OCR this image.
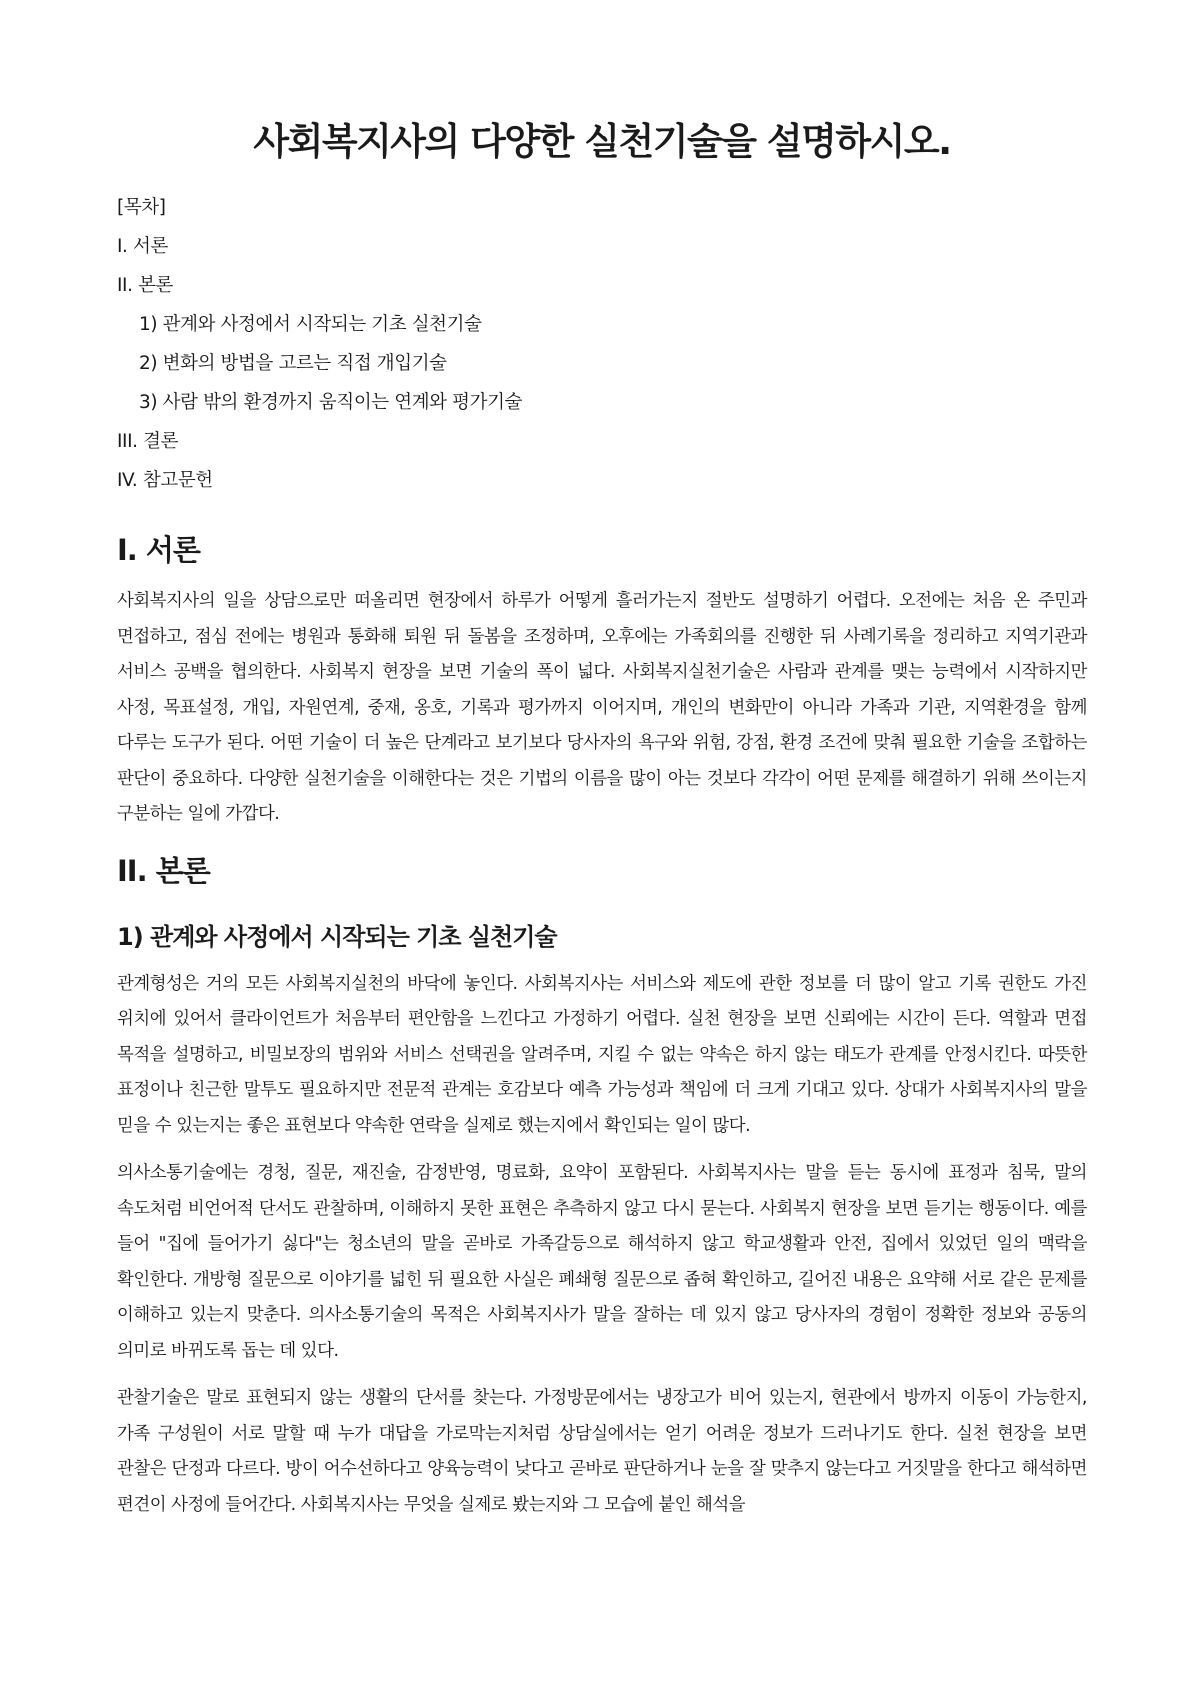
사회복지사의 다양한 실천기술을 설명하시오.
[목차]
I. 서론
II. 본론
1) 관계와 사정에서 시작되는 기초 실천기술
2) 변화의 방법을 고르는 직접 개입기술
3) 사람 밖의 환경까지 움직이는 연계와 평가기술
III. 결론
IV. 참고문헌
I. 서론

사회복지사의 일을 상담으로만 떠올리면 현장에서 하루가 어떻게 흘러가는지 절반도 설명하기 어렵다. 오전에는 처음 온 주민과 면접하고, 점심 전에는 병원과 통화해 퇴원 뒤 돌봄을 조정하며, 오후에는 가족회의를 진행한 뒤 사례기록을 정리하고 지역기관과 서비스 공백을 협의한다. 사회복지 현장을 보면 기술의 폭이 넓다. 사회복지실천기술은 사람과 관계를 맺는 능력에서 시작하지만 사정, 목표설정, 개입, 자원연계, 중재, 옹호, 기록과 평가까지 이어지며, 개인의 변화만이 아니라 가족과 기관, 지역환경을 함께 다루는 도구가 된다. 어떤 기술이 더 높은 단계라고 보기보다 당사자의 욕구와 위험, 강점, 환경 조건에 맞춰 필요한 기술을 조합하는 판단이 중요하다. 다양한 실천기술을 이해한다는 것은 기법의 이름을 많이 아는 것보다 각각이 어떤 문제를 해결하기 위해 쓰이는지 구분하는 일에 가깝다.

II. 본론
1) 관계와 사정에서 시작되는 기초 실천기술

관계형성은 거의 모든 사회복지실천의 바닥에 놓인다. 사회복지사는 서비스와 제도에 관한 정보를 더 많이 알고 기록 권한도 가진 위치에 있어서 클라이언트가 처음부터 편안함을 느낀다고 가정하기 어렵다. 실천 현장을 보면 신뢰에는 시간이 든다. 역할과 면접 목적을 설명하고, 비밀보장의 범위와 서비스 선택권을 알려주며, 지킬 수 없는 약속은 하지 않는 태도가 관계를 안정시킨다. 따뜻한 표정이나 친근한 말투도 필요하지만 전문적 관계는 호감보다 예측 가능성과 책임에 더 크게 기대고 있다. 상대가 사회복지사의 말을 믿을 수 있는지는 좋은 표현보다 약속한 연락을 실제로 했는지에서 확인되는 일이 많다.

의사소통기술에는 경청, 질문, 재진술, 감정반영, 명료화, 요약이 포함된다. 사회복지사는 말을 듣는 동시에 표정과 침묵, 말의 속도처럼 비언어적 단서도 관찰하며, 이해하지 못한 표현은 추측하지 않고 다시 묻는다. 사회복지 현장을 보면 듣기는 행동이다. 예를 들어 "집에 들어가기 싫다"는 청소년의 말을 곧바로 가족갈등으로 해석하지 않고 학교생활과 안전, 집에서 있었던 일의 맥락을 확인한다. 개방형 질문으로 이야기를 넓힌 뒤 필요한 사실은 폐쇄형 질문으로 좁혀 확인하고, 길어진 내용은 요약해 서로 같은 문제를 이해하고 있는지 맞춘다. 의사소통기술의 목적은 사회복지사가 말을 잘하는 데 있지 않고 당사자의 경험이 정확한 정보와 공동의 의미로 바뀌도록 돕는 데 있다.

관찰기술은 말로 표현되지 않는 생활의 단서를 찾는다. 가정방문에서는 냉장고가 비어 있는지, 현관에서 방까지 이동이 가능한지, 가족 구성원이 서로 말할 때 누가 대답을 가로막는지처럼 상담실에서는 얻기 어려운 정보가 드러나기도 한다. 실천 현장을 보면 관찰은 단정과 다르다. 방이 어수선하다고 양육능력이 낮다고 곧바로 판단하거나 눈을 잘 맞추지 않는다고 거짓말을 한다고 해석하면 편견이 사정에 들어간다. 사회복지사는 무엇을 실제로 봤는지와 그 모습에 붙인 해석을
